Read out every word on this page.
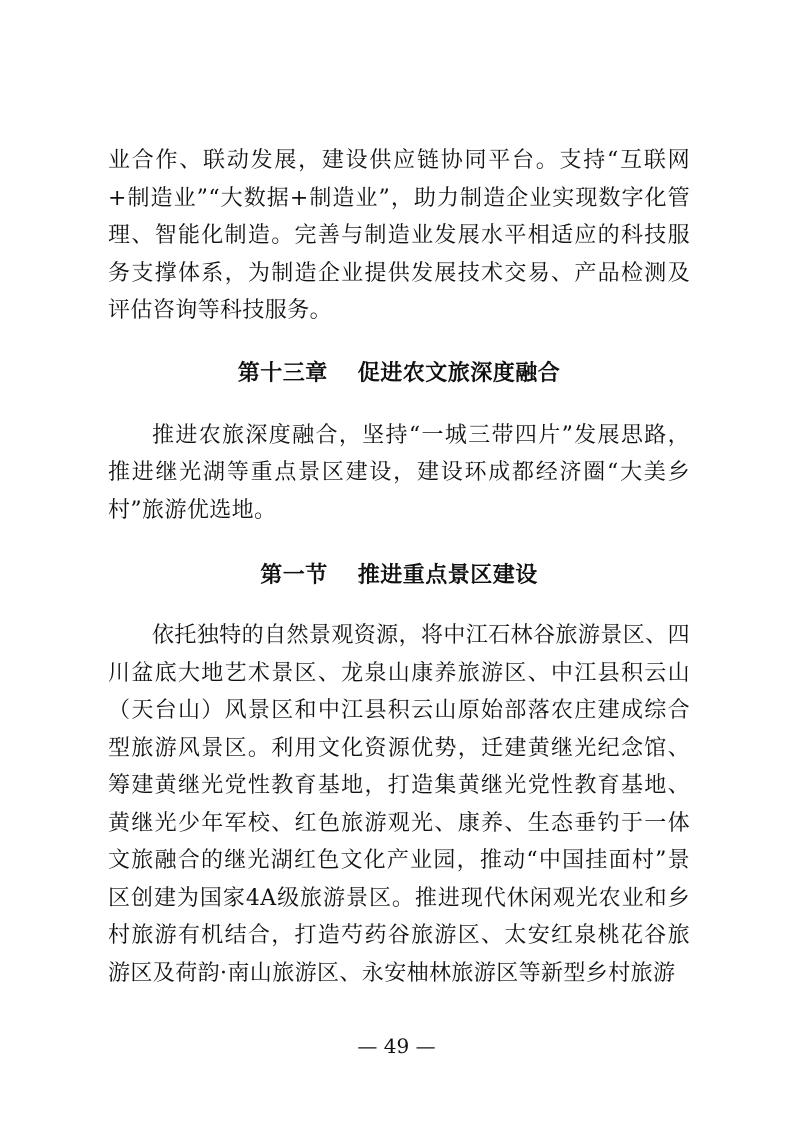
业合作、联动发展，建设供应链协同平台。支持“互联网+制造业”“大数据+制造业”，助力制造企业实现数字化管理、智能化制造。完善与制造业发展水平相适应的科技服务支撑体系，为制造企业提供发展技术交易、产品检测及评估咨询等科技服务。

第十三章 促进农文旅深度融合

推进农旅深度融合，坚持“一城三带四片”发展思路，推进继光湖等重点景区建设，建设环成都经济圈“大美乡村”旅游优选地。

第一节 推进重点景区建设

依托独特的自然景观资源，将中江石林谷旅游景区、四川盆底大地艺术景区、龙泉山康养旅游区、中江县积云山（天台山）风景区和中江县积云山原始部落农庄建成综合型旅游风景区。利用文化资源优势，迁建黄继光纪念馆、筹建黄继光党性教育基地，打造集黄继光党性教育基地、黄继光少年军校、红色旅游观光、康养、生态垂钓于一体文旅融合的继光湖红色文化产业园，推动“中国挂面村”景区创建为国家4A级旅游景区。推进现代休闲观光农业和乡村旅游有机结合，打造芍药谷旅游区、太安红泉桃花谷旅游区及荷韵·南山旅游区、永安柚林旅游区等新型乡村旅游

— 49 —
